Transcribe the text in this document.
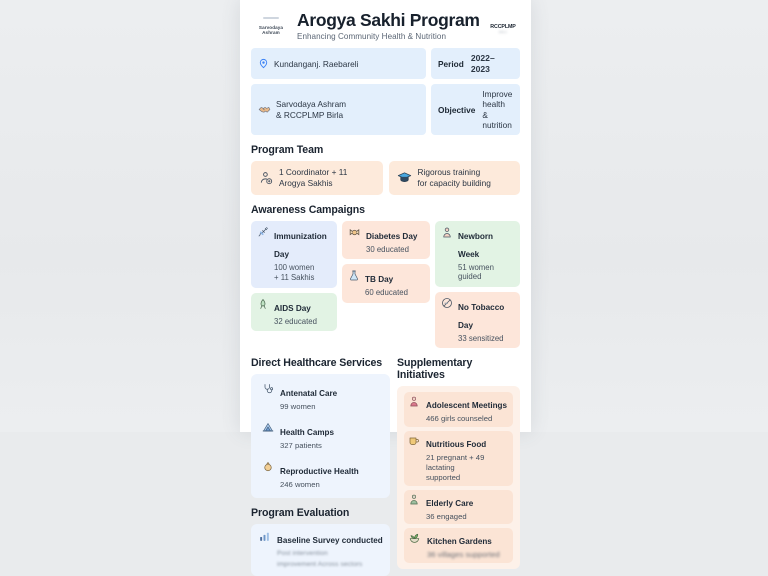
Sarvodaya
Ashram
Arogya Sakhi Program
Enhancing Community Health & Nutrition
RCCPLMP
BIRLA
Kundanganj. Raebareli	Period
2022–2023
Sarvodaya Ashram
& RCCPLMP Birla	Objective
Improve health
& nutrition
Program Team
1 Coordinator + 11
Arogya Sakhis
Rigorous training
for capacity building
Awareness Campaigns
Immunization Day
100 women
+ 11 Sakhis
AIDS Day
32 educated
Diabetes Day
30 educated
TB Day
60 educated
Newborn Week
51 women guided
No Tobacco Day
33 sensitized
Direct Healthcare Services
Antenatal Care
99 women
Health Camps
327 patients
Reproductive Health
246 women
Program Evaluation
Baseline Survey conducted
Post intervention
improvement Across sectors
Supplementary Initiatives
Adolescent Meetings
466 girls counseled
Nutritious Food
21 pregnant + 49 lactating
supported
Elderly Care
36 engaged
Kitchen Gardens
36 villages supported
